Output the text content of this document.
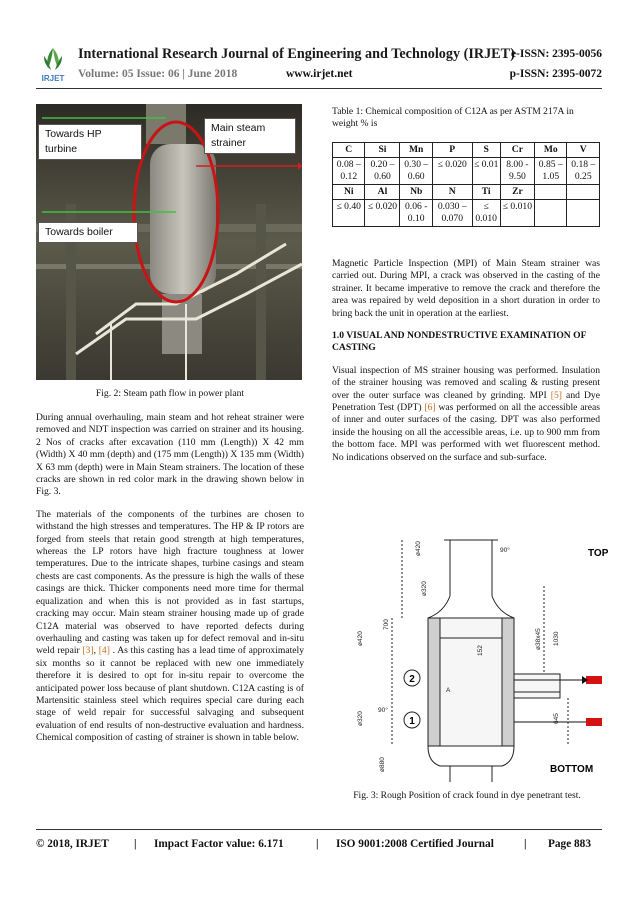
IRJET
International Research Journal of Engineering and Technology (IRJET)
e-ISSN: 2395-0056
Volume: 05 Issue: 06 | June 2018	www.irjet.net	p-ISSN: 2395-0072
Towards HP turbine
Main steam strainer
Towards boiler
Fig. 2: Steam path flow in power plant

During annual overhauling, main steam and hot reheat strainer were removed and NDT inspection was carried on strainer and its housing. 2 Nos of cracks after excavation (110 mm (Length)) X 42 mm (Width) X 40 mm (depth) and (175 mm (Length)) X 135 mm (Width) X 63 mm (depth) were in Main Steam strainers. The location of these cracks are shown in red color mark in the drawing shown below in Fig. 3.

The materials of the components of the turbines are chosen to withstand the high stresses and temperatures. The HP & IP rotors are forged from steels that retain good strength at high temperatures, whereas the LP rotors have high fracture toughness at lower temperatures. Due to the intricate shapes, turbine casings and steam chests are cast components. As the pressure is high the walls of these casings are thick. Thicker components need more time for thermal equalization and when this is not provided as in fast startups, cracking may occur. Main steam strainer housing made up of grade C12A material was observed to have reported defects during overhauling and casting was taken up for defect removal and in-situ weld repair [3], [4] . As this casting has a lead time of approximately six months so it cannot be replaced with new one immediately therefore it is desired to opt for in-situ repair to overcome the anticipated power loss because of plant shutdown. C12A casting is of Martensitic stainless steel which requires special care during each stage of weld repair for successful salvaging and subsequent evaluation of end results of non-destructive evaluation and hardness. Chemical composition of casting of strainer is shown in table below.

Table 1: Chemical composition of C12A as per ASTM 217A in weight % is
C	Si	Mn	P	S	Cr	Mo	V
0.08 – 0.12	0.20 – 0.60	0.30 – 0.60	≤ 0.020	≤ 0.01	8.00 - 9.50	0.85 – 1.05	0.18 – 0.25
Ni	Al	Nb	N	Ti	Zr		
≤ 0.40	≤ 0.020	0.06 - 0.10	0.030 – 0.070	≤ 0.010	≤ 0.010		

Magnetic Particle Inspection (MPI) of Main Steam strainer was carried out. During MPI, a crack was observed in the casting of the strainer. It became imperative to remove the crack and therefore the area was repaired by weld deposition in a short duration in order to bring back the unit in operation at the earliest.

1.0 VISUAL AND NONDESTRUCTIVE EXAMINATION OF CASTING

Visual inspection of MS strainer housing was performed. Insulation of the strainer housing was removed and scaling & rusting present over the outer surface was cleaned by grinding. MPI [5] and Dye Penetration Test (DPT) [6] was performed on all the accessible areas of inner and outer surfaces of the casing. DPT was also performed inside the housing on all the accessible areas, i.e. up to 900 mm from the bottom face. MPI was performed with wet fluorescent method. No indications observed on the surface and sub-surface.

2
1
ø420	90°
ø320
700
ø420	ø38x45 1030
ø320
90°
645
ø880
152
A
TOP
BOTTOM
Fig. 3: Rough Position of crack found in dye penetrant test.
© 2018, IRJET | Impact Factor value: 6.171	| ISO 9001:2008 Certified Journal	| Page 883
